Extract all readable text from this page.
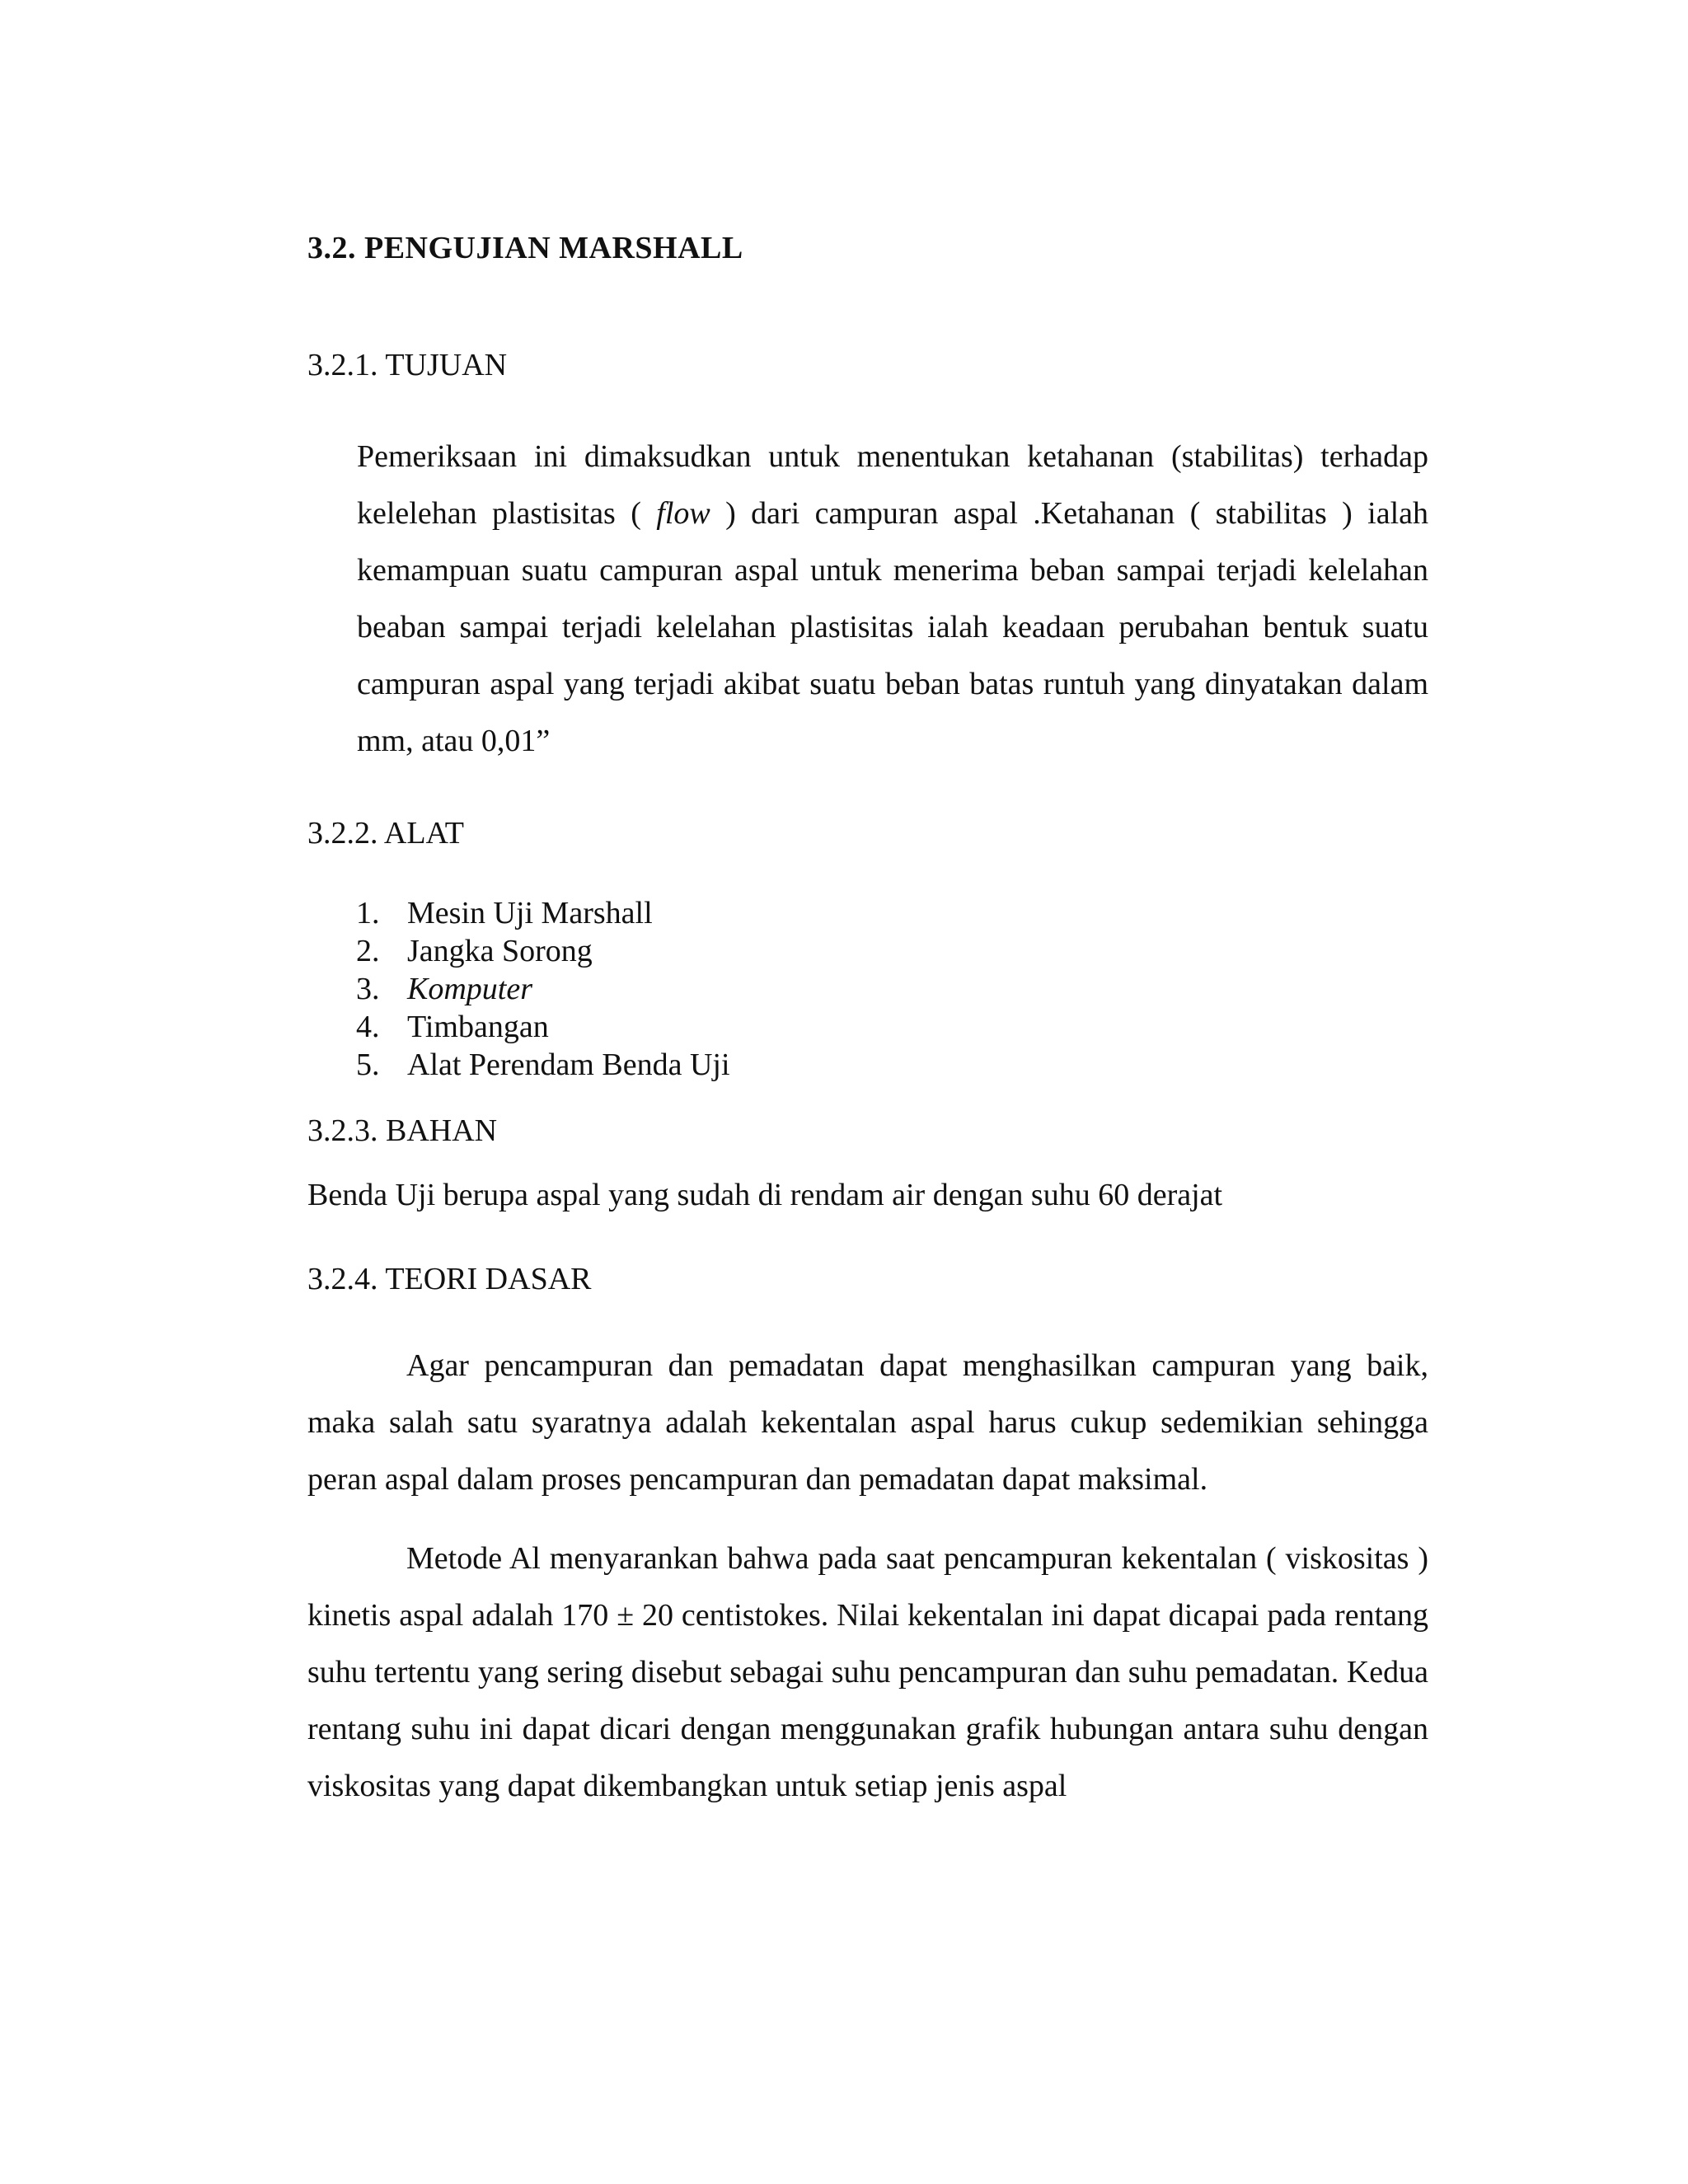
3.2. PENGUJIAN MARSHALL
3.2.1. TUJUAN

Pemeriksaan ini dimaksudkan untuk menentukan ketahanan (stabilitas) terhadap kelelehan plastisitas ( flow ) dari campuran aspal .Ketahanan ( stabilitas ) ialah kemampuan suatu campuran aspal untuk menerima beban sampai terjadi kelelahan beaban sampai terjadi kelelahan plastisitas ialah keadaan perubahan bentuk suatu campuran aspal yang terjadi akibat suatu beban batas runtuh yang dinyatakan dalam mm, atau 0,01”

3.2.2. ALAT
1. Mesin Uji Marshall
2. Jangka Sorong
3. Komputer
4. Timbangan
5. Alat Perendam Benda Uji
3.2.3. BAHAN
Benda Uji berupa aspal yang sudah di rendam air dengan suhu 60 derajat
3.2.4. TEORI DASAR

Agar pencampuran dan pemadatan dapat menghasilkan campuran yang baik, maka salah satu syaratnya adalah kekentalan aspal harus cukup sedemikian sehingga peran aspal dalam proses pencampuran dan pemadatan dapat maksimal.

Metode Al menyarankan bahwa pada saat pencampuran kekentalan ( viskositas ) kinetis aspal adalah 170 ± 20 centistokes. Nilai kekentalan ini dapat dicapai pada rentang suhu tertentu yang sering disebut sebagai suhu pencampuran dan suhu pemadatan. Kedua rentang suhu ini dapat dicari dengan menggunakan grafik hubungan antara suhu dengan viskositas yang dapat dikembangkan untuk setiap jenis aspal
